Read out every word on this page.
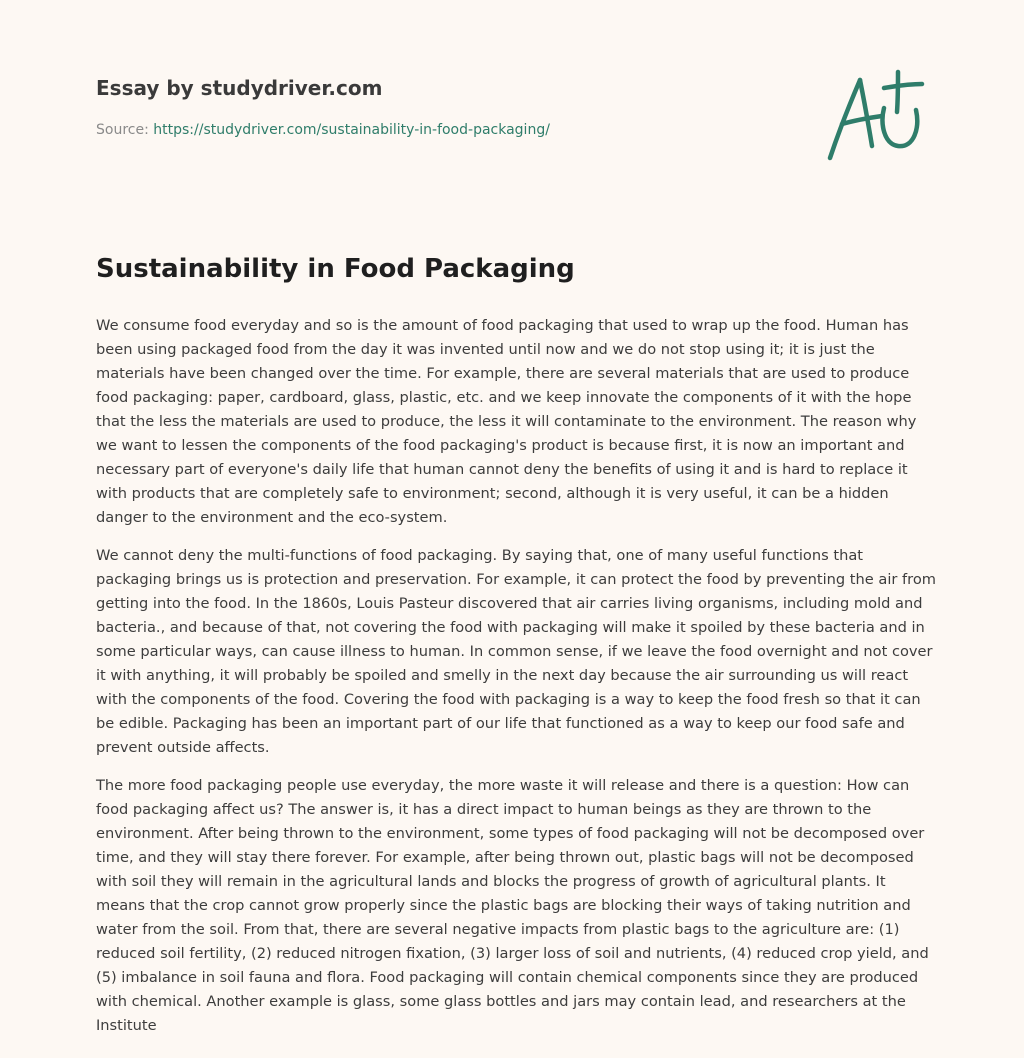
Essay by studydriver.com
Source: https://studydriver.com/sustainability-in-food-packaging/
Sustainability in Food Packaging

We consume food everyday and so is the amount of food packaging that used to wrap up the food. Human has been using packaged food from the day it was invented until now and we do not stop using it; it is just the materials have been changed over the time. For example, there are several materials that are used to produce food packaging: paper, cardboard, glass, plastic, etc. and we keep innovate the components of it with the hope that the less the materials are used to produce, the less it will contaminate to the environment. The reason why we want to lessen the components of the food packaging's product is because first, it is now an important and necessary part of everyone's daily life that human cannot deny the benefits of using it and is hard to replace it with products that are completely safe to environment; second, although it is very useful, it can be a hidden danger to the environment and the eco-system.

We cannot deny the multi-functions of food packaging. By saying that, one of many useful functions that packaging brings us is protection and preservation. For example, it can protect the food by preventing the air from getting into the food. In the 1860s, Louis Pasteur discovered that air carries living organisms, including mold and bacteria., and because of that, not covering the food with packaging will make it spoiled by these bacteria and in some particular ways, can cause illness to human. In common sense, if we leave the food overnight and not cover it with anything, it will probably be spoiled and smelly in the next day because the air surrounding us will react with the components of the food. Covering the food with packaging is a way to keep the food fresh so that it can be edible. Packaging has been an important part of our life that functioned as a way to keep our food safe and prevent outside affects.

The more food packaging people use everyday, the more waste it will release and there is a question: How can food packaging affect us? The answer is, it has a direct impact to human beings as they are thrown to the environment. After being thrown to the environment, some types of food packaging will not be decomposed over time, and they will stay there forever. For example, after being thrown out, plastic bags will not be decomposed with soil they will remain in the agricultural lands and blocks the progress of growth of agricultural plants. It means that the crop cannot grow properly since the plastic bags are blocking their ways of taking nutrition and water from the soil. From that, there are several negative impacts from plastic bags to the agriculture are: (1) reduced soil fertility, (2) reduced nitrogen fixation, (3) larger loss of soil and nutrients, (4) reduced crop yield, and (5) imbalance in soil fauna and flora. Food packaging will contain chemical components since they are produced with chemical. Another example is glass, some glass bottles and jars may contain lead, and researchers at the Institute
